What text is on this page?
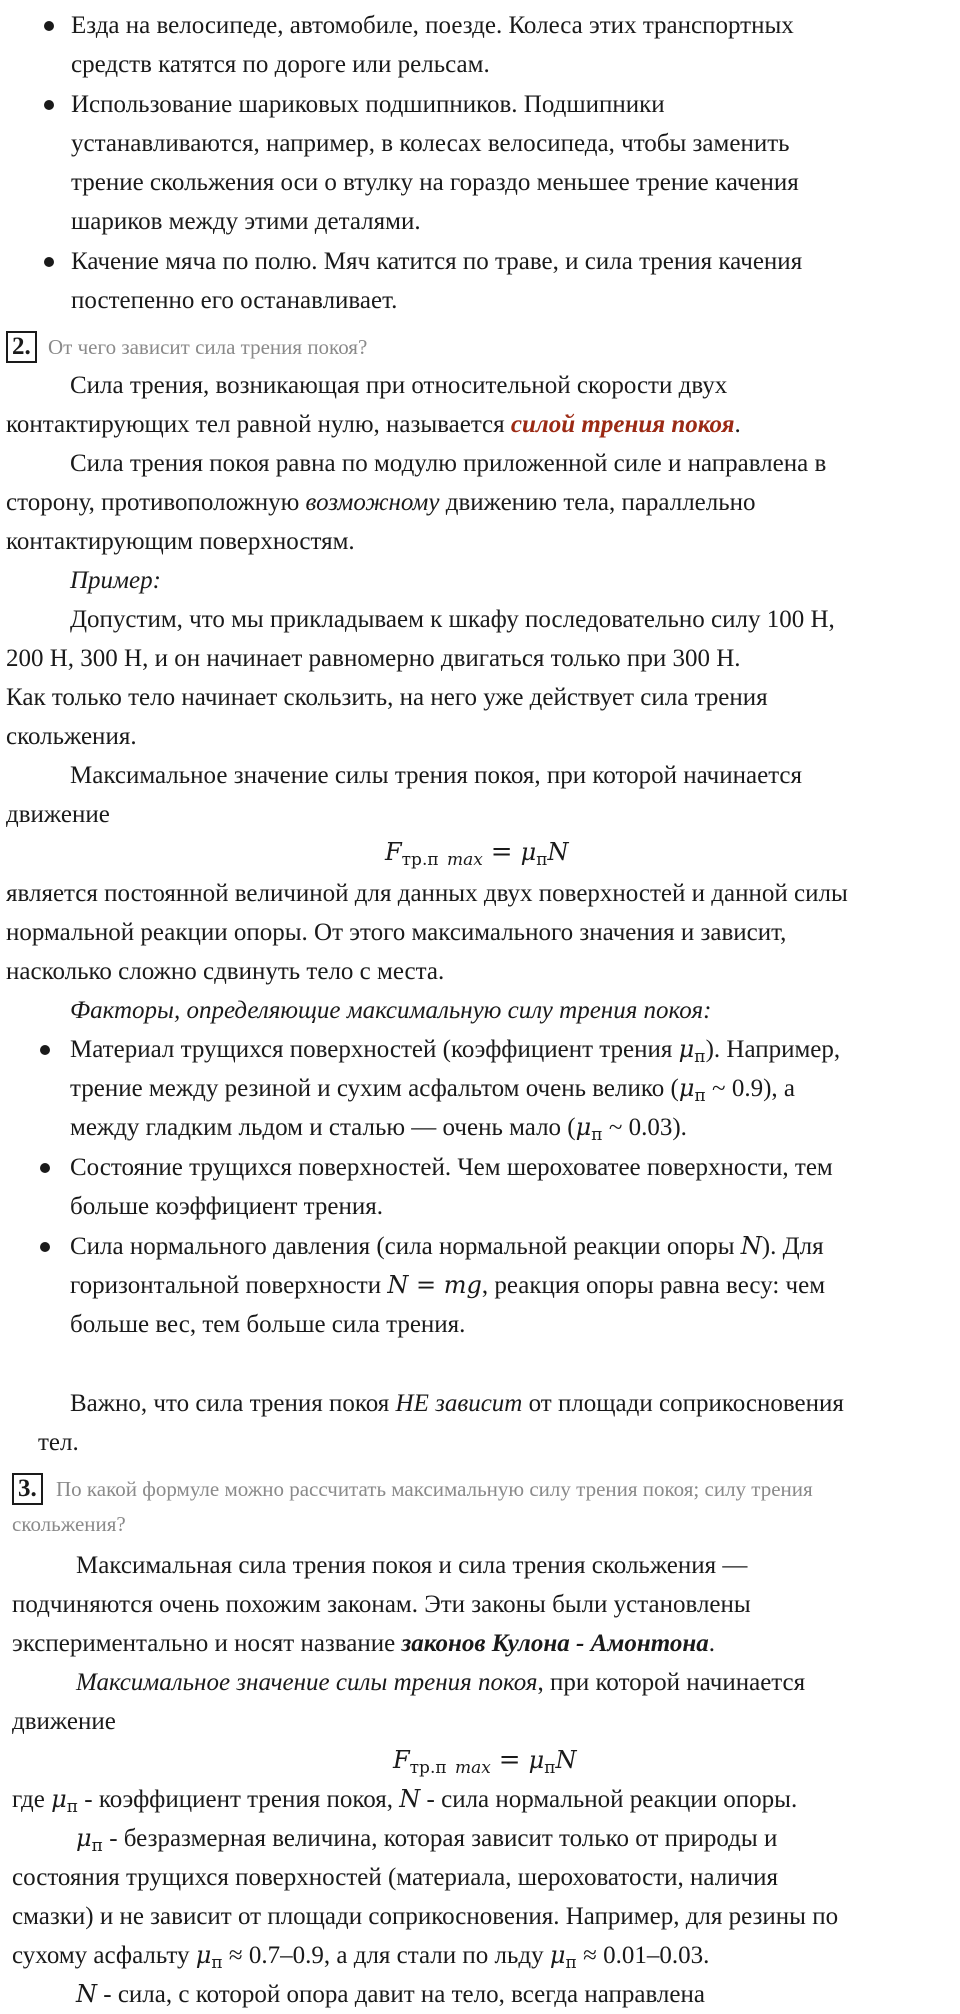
Езда на велосипеде, автомобиле, поезде. Колеса этих транспортных
средств катятся по дороге или рельсам.
Использование шариковых подшипников. Подшипники
устанавливаются, например, в колесах велосипеда, чтобы заменить
трение скольжения оси о втулку на гораздо меньшее трение качения
шариков между этими деталями.
Качение мяча по полю. Мяч катится по траве, и сила трения качения
постепенно его останавливает.
2. От чего зависит сила трения покоя?
Сила трения, возникающая при относительной скорости двух
контактирующих тел равной нулю, называется силой трения покоя.
Сила трения покоя равна по модулю приложенной силе и направлена в
сторону, противоположную возможному движению тела, параллельно
контактирующим поверхностям.
Пример:
Допустим, что мы прикладываем к шкафу последовательно силу 100 Н,
200 Н, 300 Н, и он начинает равномерно двигаться только при 300 Н.
Как только тело начинает скользить, на него уже действует сила трения
скольжения.
Максимальное значение силы трения покоя, при которой начинается
движение
$F_{тр.п}$ $_{max} = \mu_пN$
является постоянной величиной для данных двух поверхностей и данной силы
нормальной реакции опоры. От этого максимального значения и зависит,
насколько сложно сдвинуть тело с места.
Факторы, определяющие максимальную силу трения покоя:
Материал трущихся поверхностей (коэффициент трения $\mu_п$). Например,
трение между резиной и сухим асфальтом очень велико ($\mu_п$ ~ 0.9), а
между гладким льдом и сталью — очень мало ($\mu_п$ ~ 0.03).
Состояние трущихся поверхностей. Чем шероховатее поверхности, тем
больше коэффициент трения.
Сила нормального давления (сила нормальной реакции опоры N). Для
горизонтальной поверхности N = mg, реакция опоры равна весу: чем
больше вес, тем больше сила трения.
Важно, что сила трения покоя НЕ зависит от площади соприкосновения
тел.
3. По какой формуле можно рассчитать максимальную силу трения покоя; силу трения
скольжения?
Максимальная сила трения покоя и сила трения скольжения —
подчиняются очень похожим законам. Эти законы были установлены
экспериментально и носят название законов Кулона - Амонтона.
Максимальное значение силы трения покоя, при которой начинается
движение
$F_{тр.п}$ $_{max} = \mu_пN$
где $\mu_п$ - коэффициент трения покоя, N - сила нормальной реакции опоры.
$\mu_п$ - безразмерная величина, которая зависит только от природы и
состояния трущихся поверхностей (материала, шероховатости, наличия
смазки) и не зависит от площади соприкосновения. Например, для резины по
сухому асфальту $\mu_п \approx 0.7-0.9$, а для стали по льду $\mu_п \approx 0.01-0.03$.
N - сила, с которой опора давит на тело, всегда направлена
